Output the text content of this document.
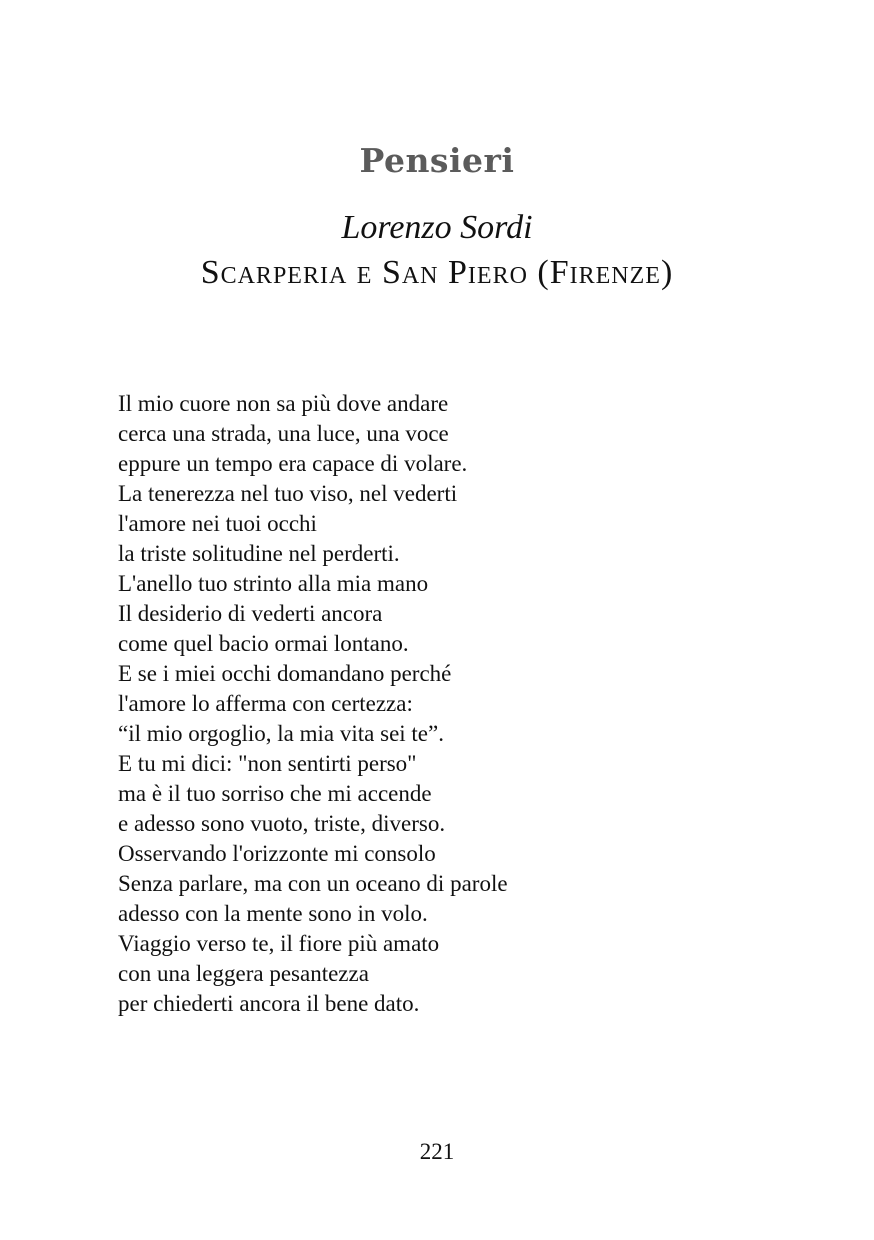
Pensieri
Lorenzo Sordi
Scarperia e San Piero (Firenze)
Il mio cuore non sa più dove andare
cerca una strada, una luce, una voce
eppure un tempo era capace di volare.
La tenerezza nel tuo viso, nel vederti
l'amore nei tuoi occhi
la triste solitudine nel perderti.
L'anello tuo strinto alla mia mano
Il desiderio di vederti ancora
come quel bacio ormai lontano.
E se i miei occhi domandano perché
l'amore lo afferma con certezza:
“il mio orgoglio, la mia vita sei te”.
E tu mi dici: "non sentirti perso"
ma è il tuo sorriso che mi accende
e adesso sono vuoto, triste, diverso.
Osservando l'orizzonte mi consolo
Senza parlare, ma con un oceano di parole
adesso con la mente sono in volo.
Viaggio verso te, il fiore più amato
con una leggera pesantezza
per chiederti ancora il bene dato.
221
